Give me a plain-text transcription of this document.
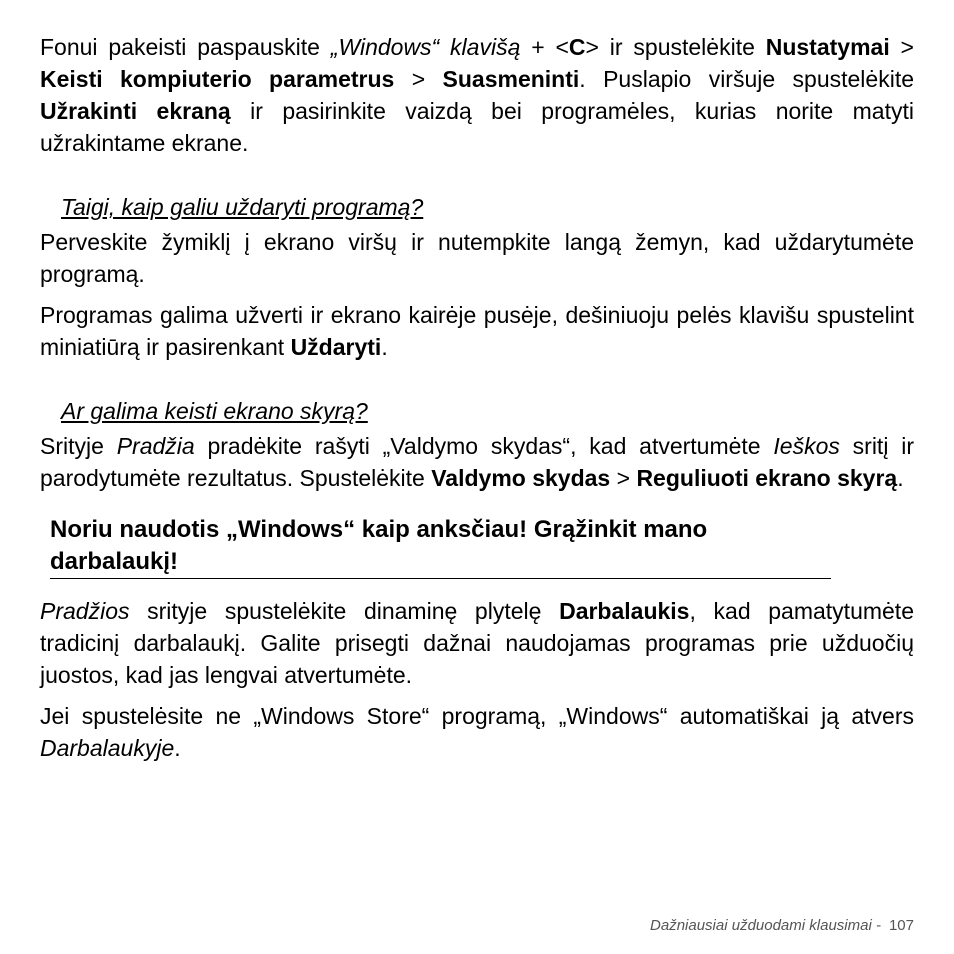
Fonui pakeisti paspauskite „Windows“ klavišą + <C> ir spustelėkite Nustatymai > Keisti kompiuterio parametrus > Suasmeninti. Puslapio viršuje spustelėkite Užrakinti ekraną ir pasirinkite vaizdą bei programėles, kurias norite matyti užrakintame ekrane.

Taigi, kaip galiu uždaryti programą?

Perveskite žymiklį į ekrano viršų ir nutempkite langą žemyn, kad uždarytumėte programą.

Programas galima užverti ir ekrano kairėje pusėje, dešiniuoju pelės klavišu spustelint miniatiūrą ir pasirenkant Uždaryti.

Ar galima keisti ekrano skyrą?

Srityje Pradžia pradėkite rašyti „Valdymo skydas“, kad atvertumėte Ieškos sritį ir parodytumėte rezultatus. Spustelėkite Valdymo skydas > Reguliuoti ekrano skyrą.

Noriu naudotis „Windows“ kaip anksčiau! Grąžinkit mano darbalaukį!

Pradžios srityje spustelėkite dinaminę plytelę Darbalaukis, kad pamatytumėte tradicinį darbalaukį. Galite prisegti dažnai naudojamas programas prie užduočių juostos, kad jas lengvai atvertumėte.

Jei spustelėsite ne „Windows Store“ programą, „Windows“ automatiškai ją atvers Darbalaukyje.

Dažniausiai užduodami klausimai - 107
